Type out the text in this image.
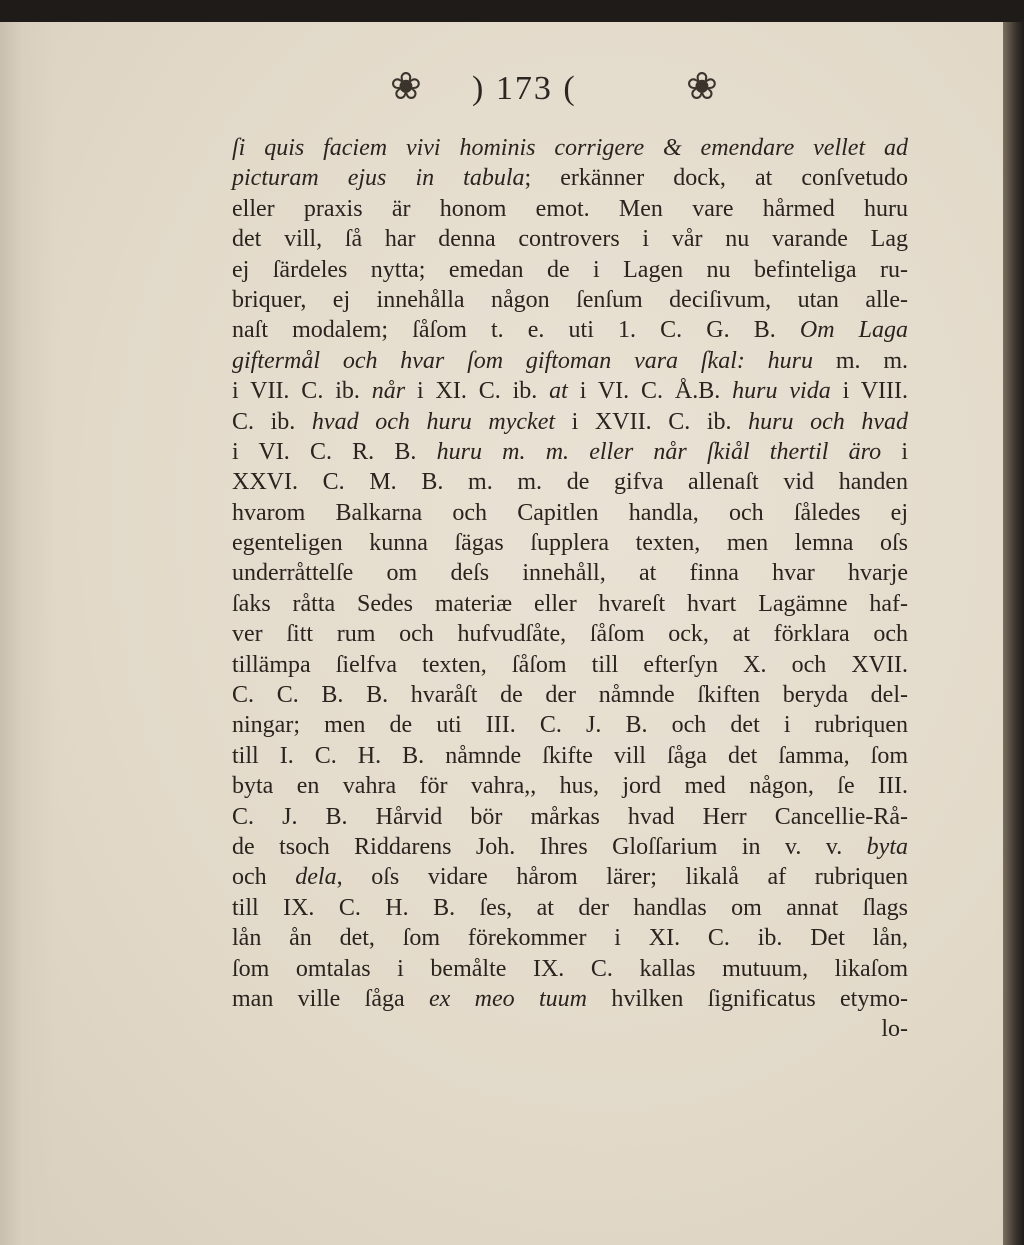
❀ ) 173 (	❀
ſi quis faciem vivi hominis corrigere & emendare vellet ad
picturam ejus in tabula; erkänner dock, at conſvetudo
eller praxis är honom emot. Men vare hårmed huru
det vill, ſå har denna controvers i vår nu varande Lag
ej ſärdeles nytta; emedan de i Lagen nu befinteliga ru-
briquer, ej innehålla någon ſenſum deciſivum, utan alle-
naſt modalem; ſåſom t. e. uti 1. C. G. B. Om Laga
giftermål och hvar ſom giftoman vara ſkal: huru m. m.
i VII. C. ib. når i XI. C. ib. at i VI. C. Å.B. huru vida i VIII.
C. ib. hvad och huru mycket i XVII. C. ib. huru och hvad
i VI. C. R. B. huru m. m. eller når ſkiål thertil äro i
XXVI. C. M. B. m. m. de gifva allenaſt vid handen
hvarom Balkarna och Capitlen handla, och ſåledes ej
egenteligen kunna ſägas ſupplera texten, men lemna oſs
underråttelſe om deſs innehåll, at finna hvar hvarje
ſaks råtta Sedes materiæ eller hvareſt hvart Lagämne haf-
ver ſitt rum och hufvudſåte, ſåſom ock, at förklara och
tillämpa ſielfva texten, ſåſom till efterſyn X. och XVII.
C. C. B. B. hvaråſt de der nåmnde ſkiften beryda del-
ningar; men de uti III. C. J. B. och det i rubriquen
till I. C. H. B. nåmnde ſkifte vill ſåga det ſamma, ſom
byta en vahra för vahra,, hus, jord med någon, ſe III.
C. J. B. Hårvid bör mårkas hvad Herr Cancellie-Rå-
de tsoch Riddarens Joh. Ihres Gloſſarium in v. v. byta
och dela, oſs vidare hårom lärer; likalå af rubriquen
till IX. C. H. B. ſes, at der handlas om annat ſlags
lån ån det, ſom förekommer i XI. C. ib. Det lån,
ſom omtalas i bemålte IX. C. kallas mutuum, likaſom
man ville ſåga ex meo tuum hvilken ſignificatus etymo-
lo-
